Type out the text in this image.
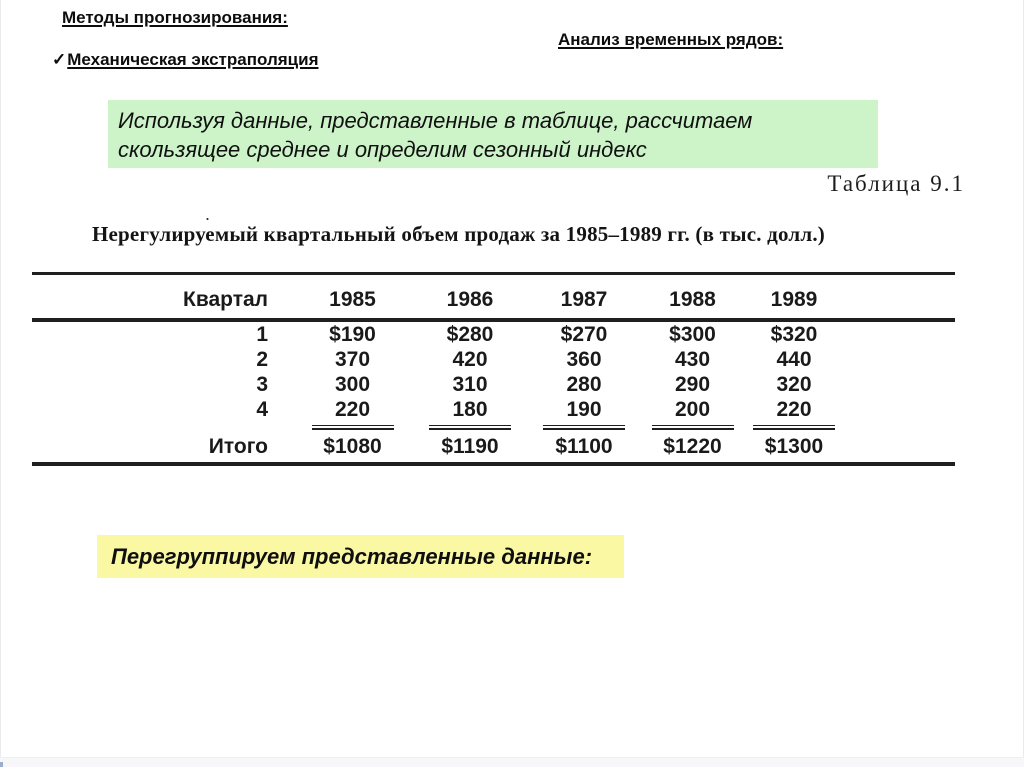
Методы прогнозирования:
✓Механическая экстраполяция
Анализ временных рядов:
Используя данные, представленные в таблице, рассчитаем
скользящее среднее и определим сезонный индекс
Таблица 9.1
.
Нерегулируемый квартальный объем продаж за 1985–1989 гг. (в тыс. долл.)
Квартал	1985	1986	1987	1988	1989	
1	$190	$280	$270	$300	$320	
2	370	420	360	430	440	
3	300	310	280	290	320	
4	220	180	190	200	220	

Итого	$1080	$1190	$1100	$1220	$1300	
Перегруппируем представленные данные:
